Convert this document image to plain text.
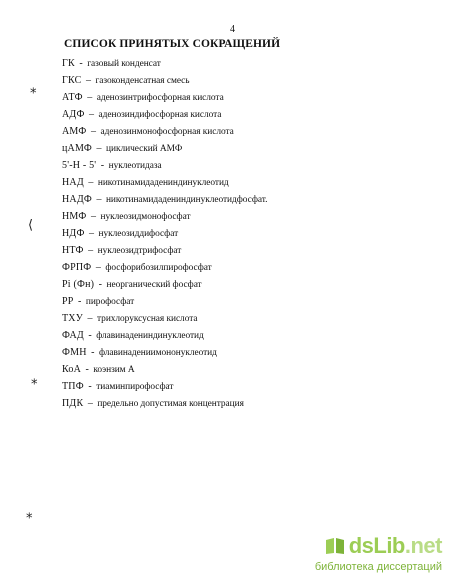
4
СПИСОК ПРИНЯТЫХ СОКРАЩЕНИЙ
ГК - газовый конденсат
ГКС – газоконденсатная смесь
АТФ – аденозинтрифосфорная кислота
АДФ – аденозиндифосфорная кислота
АМФ – аденозинмонофосфорная кислота
цАМФ – циклический АМФ
5'-Н - 5' - нуклеотидаза
НАД – никотинамидадениндинуклеотид
НАДФ – никотинамидадениндинуклеотидфосфат.
НМФ – нуклеозидмонофосфат
НДФ – нуклеозиддифосфат
НТФ – нуклеозидтрифосфат
ФРПФ – фосфорибозилпирофосфат
Pi (Фн) - неорганический фосфат
PP - пирофосфат
ТХУ – трихлоруксусная кислота
ФАД - флавинадениндинуклеотид
ФМН - флавинадениимононуклеотид
КоА - коэнзим А
ТПФ - тиаминпирофосфат
ПДК – предельно допустимая концентрация
⁎
⟨
⁎
⁎
dsLib.net
библиотека диссертаций
